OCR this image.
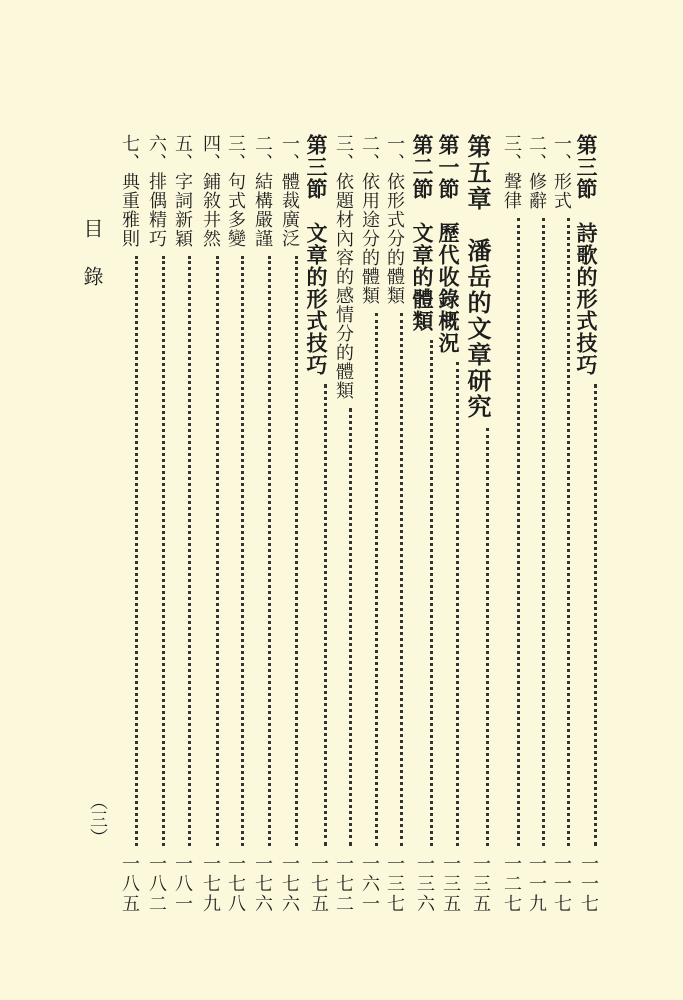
目錄
（三）
第三節　詩歌的形式技巧
一一七
一、形式
一一七
二、修辭
一一九
三、聲律
一二七
第五章　潘岳的文章研究
一三五
第一節　歷代收錄概況
一三五
第二節　文章的體類
一三六
一、依形式分的體類
一三七
二、依用途分的體類
一六一
三、依題材內容的感情分的體類
一七二
第三節　文章的形式技巧
一七五
一、體裁廣泛
一七六
二、結構嚴謹
一七六
三、句式多變
一七八
四、鋪敘井然
一七九
五、字詞新穎
一八一
六、排偶精巧
一八二
七、典重雅則
一八五
